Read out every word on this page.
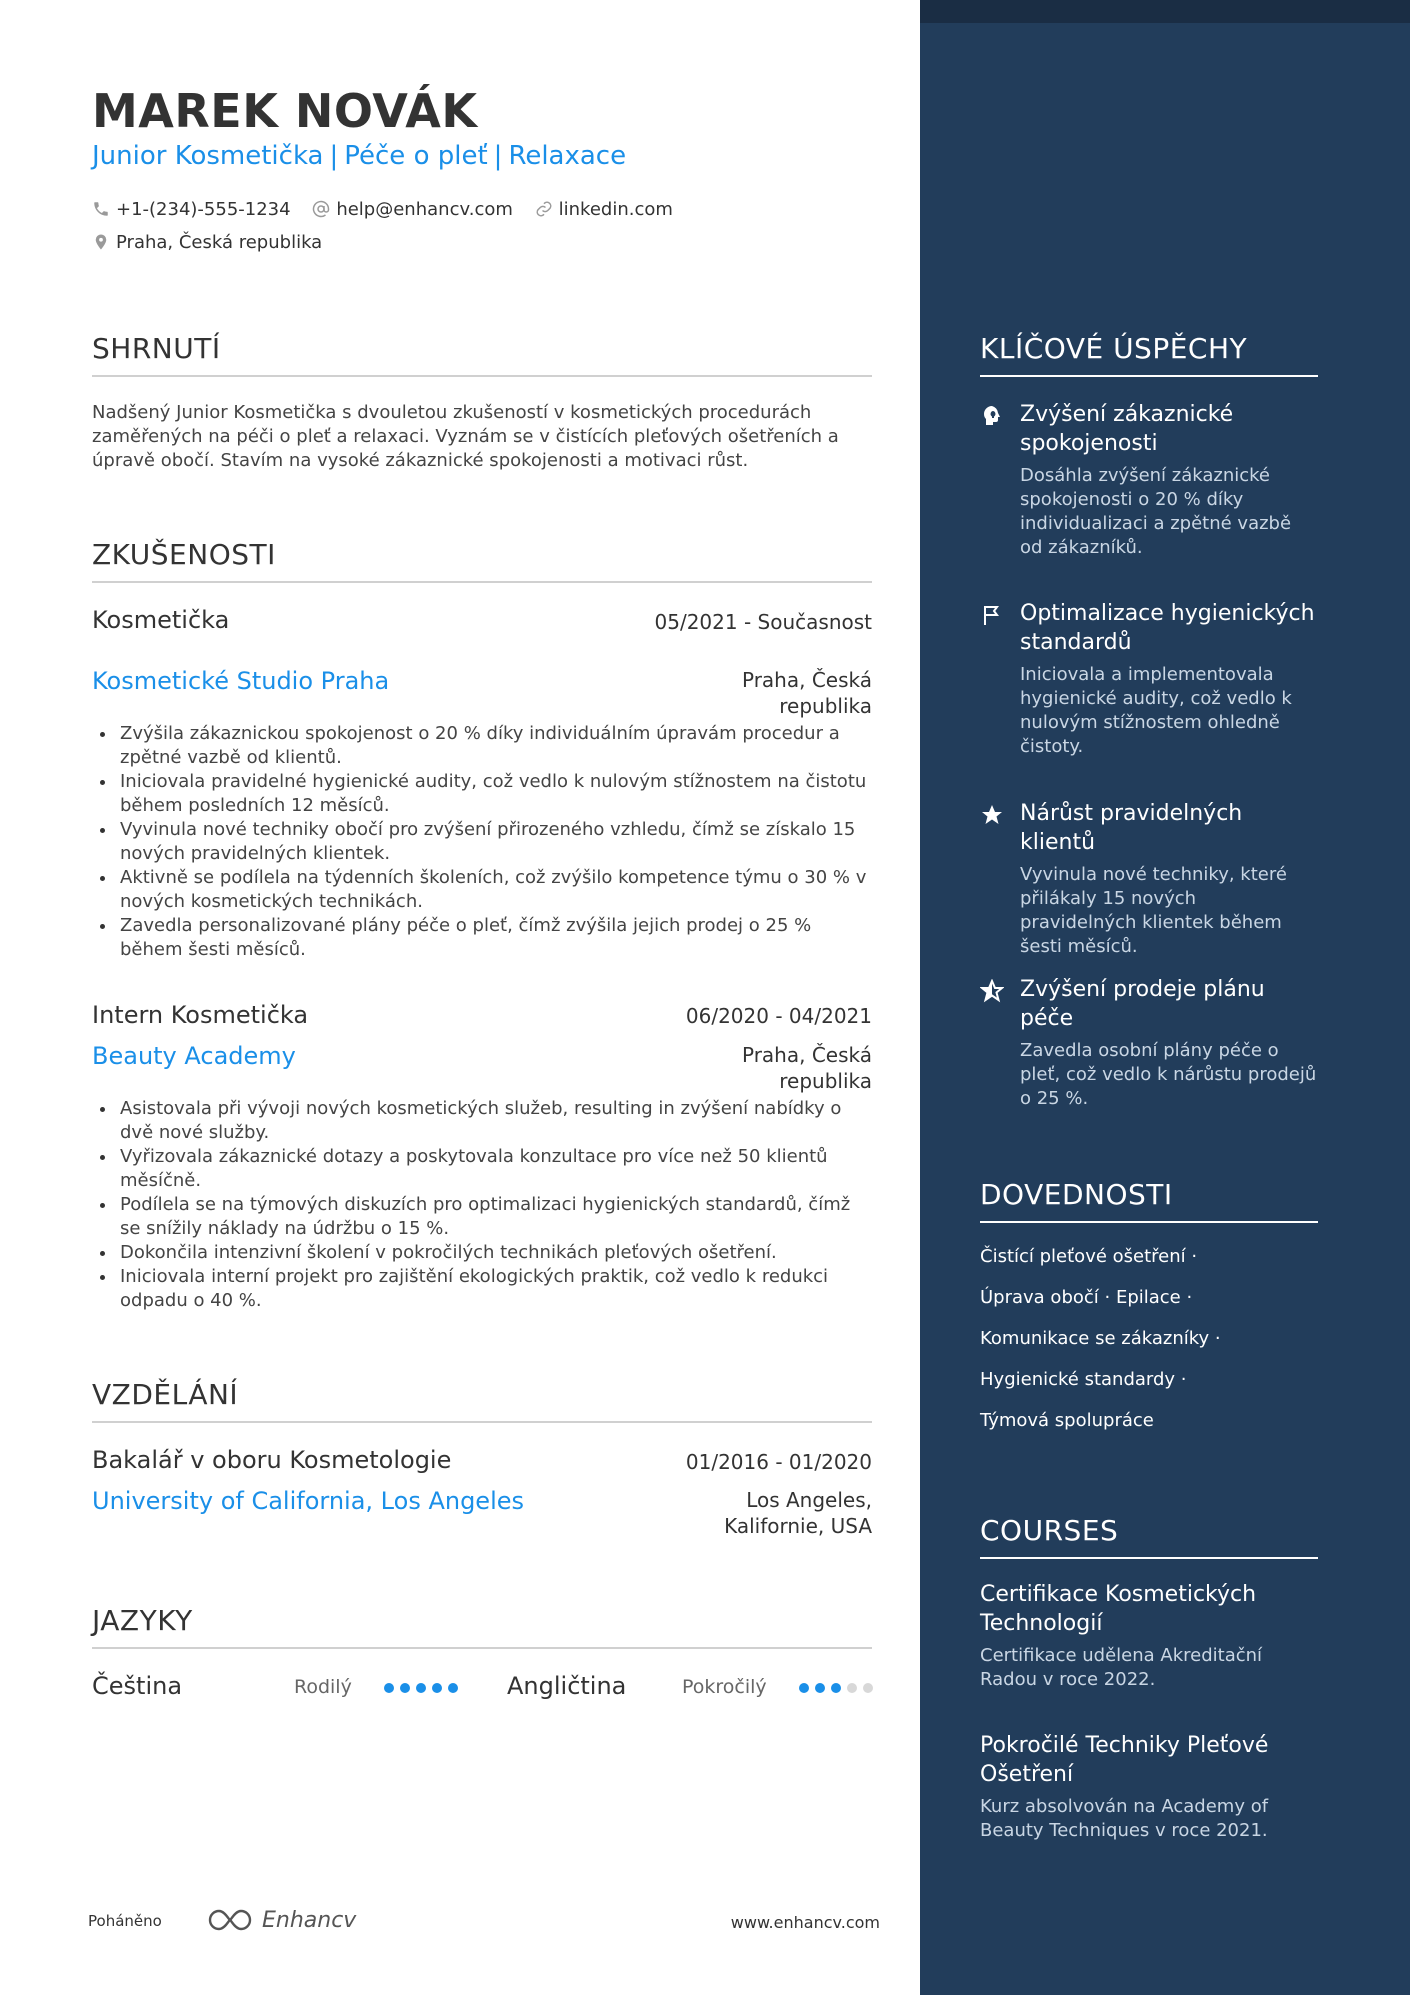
MAREK NOVÁK
Junior Kosmetička | Péče o pleť | Relaxace
+1-(234)-555-1234
	help@enhancv.com
	linkedin.com
Praha, Česká republika
SHRNUTÍ
Nadšený Junior Kosmetička s dvouletou zkušeností v kosmetických procedurách zaměřených na péči o pleť a relaxaci. Vyznám se v čistících pleťových ošetřeních a úpravě obočí. Stavím na vysoké zákaznické spokojenosti a motivaci růst.
ZKUŠENOSTI
Kosmetička	05/2021 - Současnost
Kosmetické Studio Praha	Praha, Česká republika
Zvýšila zákaznickou spokojenost o 20 % díky individuálním úpravám procedur a zpětné vazbě od klientů.
Iniciovala pravidelné hygienické audity, což vedlo k nulovým stížnostem na čistotu během posledních 12 měsíců.
Vyvinula nové techniky obočí pro zvýšení přirozeného vzhledu, čímž se získalo 15 nových pravidelných klientek.
Aktivně se podílela na týdenních školeních, což zvýšilo kompetence týmu o 30 % v nových kosmetických technikách.
Zavedla personalizované plány péče o pleť, čímž zvýšila jejich prodej o 25 % během šesti měsíců.
Intern Kosmetička	06/2020 - 04/2021
Beauty Academy	Praha, Česká republika
Asistovala při vývoji nových kosmetických služeb, resulting in zvýšení nabídky o dvě nové služby.
Vyřizovala zákaznické dotazy a poskytovala konzultace pro více než 50 klientů měsíčně.
Podílela se na týmových diskuzích pro optimalizaci hygienických standardů, čímž se snížily náklady na údržbu o 15 %.
Dokončila intenzivní školení v pokročilých technikách pleťových ošetření.
Iniciovala interní projekt pro zajištění ekologických praktik, což vedlo k redukci odpadu o 40 %.
VZDĚLÁNÍ
Bakalář v oboru Kosmetologie	01/2016 - 01/2020
University of California, Los Angeles	Los Angeles, Kalifornie, USA
JAZYKY
Čeština	Rodilý	Angličtina	Pokročilý
Poháněno	Enhancv	www.enhancv.com
KLÍČOVÉ ÚSPĚCHY
Zvýšení zákaznické spokojenosti
Dosáhla zvýšení zákaznické spokojenosti o 20 % díky individualizaci a zpětné vazbě od zákazníků.
Optimalizace hygienických standardů
Iniciovala a implementovala hygienické audity, což vedlo k nulovým stížnostem ohledně čistoty.
Nárůst pravidelných klientů
Vyvinula nové techniky, které přilákaly 15 nových pravidelných klientek během šesti měsíců.
Zvýšení prodeje plánu péče
Zavedla osobní plány péče o pleť, což vedlo k nárůstu prodejů o 25 %.
DOVEDNOSTI
Čistící pleťové ošetření ·
Úprava obočí · Epilace ·
Komunikace se zákazníky ·
Hygienické standardy ·
Týmová spolupráce
COURSES
Certifikace Kosmetických Technologií
Certifikace udělena Akreditační Radou v roce 2022.
Pokročilé Techniky Pleťové Ošetření
Kurz absolvován na Academy of Beauty Techniques v roce 2021.
